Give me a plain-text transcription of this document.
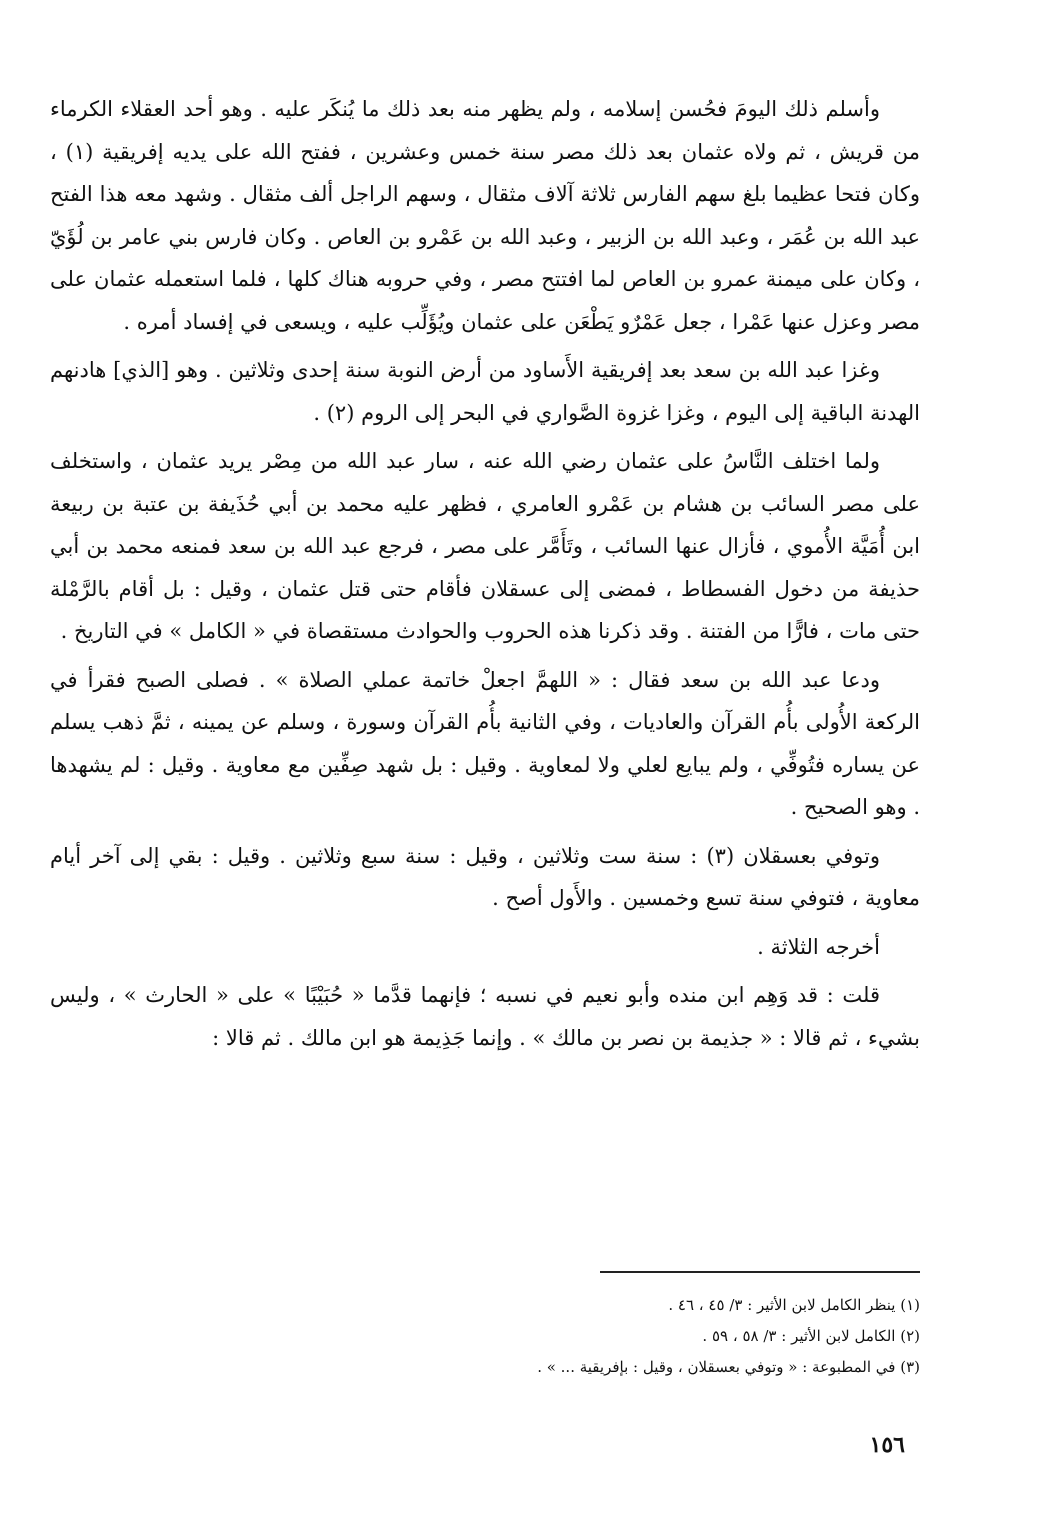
وأسلم ذلك اليومَ فحُسن إسلامه ، ولم يظهر منه بعد ذلك ما يُنكَر عليه . وهو أحد العقلاء الكرماء من قريش ، ثم ولاه عثمان بعد ذلك مصر سنة خمس وعشرين ، ففتح الله على يديه إفريقية (١) ، وكان فتحا عظيما بلغ سهم الفارس ثلاثة آلاف مثقال ، وسهم الراجل ألف مثقال . وشهد معه هذا الفتح عبد الله بن عُمَر ، وعبد الله بن الزبير ، وعبد الله بن عَمْرو بن العاص . وكان فارس بني عامر بن لُؤَيّ ، وكان على ميمنة عمرو بن العاص لما افتتح مصر ، وفي حروبه هناك كلها ، فلما استعمله عثمان على مصر وعزل عنها عَمْرا ، جعل عَمْرٌو يَطْعَن على عثمان ويُؤَلِّب عليه ، ويسعى في إفساد أمره .

وغزا عبد الله بن سعد بعد إفريقية الأَساود من أرض النوبة سنة إحدى وثلاثين . وهو [الذي] هادنهم الهدنة الباقية إلى اليوم ، وغزا غزوة الصَّواري في البحر إلى الروم (٢) .

ولما اختلف النَّاسُ على عثمان رضي الله عنه ، سار عبد الله من مِصْر يريد عثمان ، واستخلف على مصر السائب بن هشام بن عَمْرو العامري ، فظهر عليه محمد بن أبي حُذَيفة بن عتبة بن ربيعة ابن أُمَيَّة الأُموي ، فأزال عنها السائب ، وتَأَمَّر على مصر ، فرجع عبد الله بن سعد فمنعه محمد بن أبي حذيفة من دخول الفسطاط ، فمضى إلى عسقلان فأقام حتى قتل عثمان ، وقيل : بل أقام بالرَّمْلة حتى مات ، فارًّا من الفتنة . وقد ذكرنا هذه الحروب والحوادث مستقصاة في « الكامل » في التاريخ .

ودعا عبد الله بن سعد فقال : « اللهمَّ اجعلْ خاتمة عملي الصلاة » . فصلى الصبح فقرأ في الركعة الأُولى بأُم القرآن والعاديات ، وفي الثانية بأُم القرآن وسورة ، وسلم عن يمينه ، ثمَّ ذهب يسلم عن يساره فتُوفِّي ، ولم يبايع لعلي ولا لمعاوية . وقيل : بل شهد صِفِّين مع معاوية . وقيل : لم يشهدها . وهو الصحيح .

وتوفي بعسقلان (٣) : سنة ست وثلاثين ، وقيل : سنة سبع وثلاثين . وقيل : بقي إلى آخر أيام معاوية ، فتوفي سنة تسع وخمسين . والأَول أصح .

أخرجه الثلاثة .

قلت : قد وَهِم ابن منده وأبو نعيم في نسبه ؛ فإنهما قدَّما « حُبَيْبًا » على « الحارث » ، وليس بشيء ، ثم قالا : « جذيمة بن نصر بن مالك » . وإنما جَذِيمة هو ابن مالك . ثم قالا :

(١) ينظر الكامل لابن الأثير : ٣/ ٤٥ ، ٤٦ .

(٢) الكامل لابن الأثير : ٣/ ٥٨ ، ٥٩ .

(٣) في المطبوعة : « وتوفي بعسقلان ، وقيل : بإفريقية ... » .

١٥٦
